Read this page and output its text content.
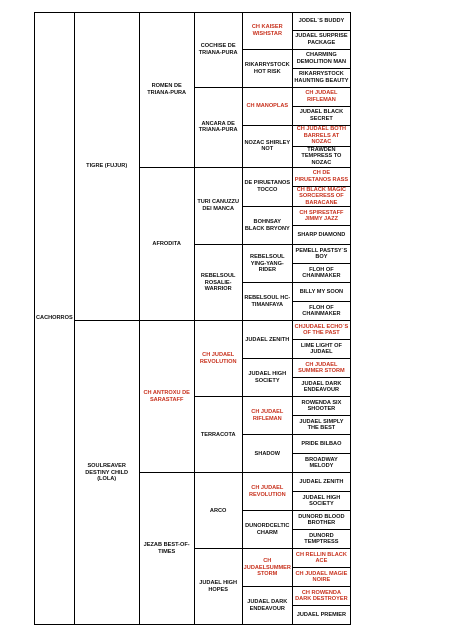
CACHORROS	TIGRE (FUJUR)	ROMEN DE TRIANA-PURA	COCHISE DE TRIANA-PURA	CH KAISER WISHSTAR	JODEL´S BUDDY
					JUDAEL SURPRISE PACKAGE
				RIKARRYSTOCK HOT RISK	CHARMING DEMOLITION MAN
					RIKARRYSTOCK HAUNTING BEAUTY
			ANCARA DE TRIANA-PURA	CH MANOPLAS	CH JUDAEL RIFLEMAN
					JUDAEL BLACK SECRET
				NOZAC SHIRLEY NOT	CH JUDAEL BOTH BARRELS AT NOZAC
					TRAWDEN TEMPRESS TO NOZAC
		AFRODITA	TURI CANUZZU DEI MANCA	DE PIRUETANOS TOCCO	CH DE PIRUETANOS RASS
					CH BLACK MAGIC SORCERESS OF BARACANE
				BOHNSAY BLACK BRYONY	CH SPIRESTAFF JIMMY JAZZ
					SHARP DIAMOND
			REBELSOUL ROSALIE-WARRIOR	REBELSOUL YING-YANG-RIDER	PEMELL PASTSY´S BOY
					FLOH OF CHAINMAKER
				REBELSOUL HC-TIMANFAYA	BILLY MY SOON
					FLOH OF CHAINMAKER
	SOULREAVER DESTINY CHILD (LOLA)	CH ANTROXU DE SARASTAFF	CH JUDAEL REVOLUTION	JUDAEL ZENITH	CHJUDAEL ECHO´S OF THE PAST
					LIME LIGHT OF JUDAEL
				JUDAEL HIGH SOCIETY	CH JUDAEL SUMMER STORM
					JUDAEL DARK ENDEAVOUR
			TERRACOTA	CH JUDAEL RIFLEMAN	ROWENDA SIX SHOOTER
					JUDAEL SIMPLY THE BEST
				SHADOW	PRIDE BILBAO
					BROADWAY MELODY
		JEZAB BEST-OF-TIMES	ARCO	CH JUDAEL REVOLUTION	JUDAEL ZENITH
					JUDAEL HIGH SOCIETY
				DUNORDCELTIC CHARM	DUNORD BLOOD BROTHER
					DUNORD TEMPTRESS
			JUDAEL HIGH HOPES	CH JUDAELSUMMER STORM	CH RELLIN BLACK ACE
					CH JUDAEL MAGIE NOIRE
				JUDAEL DARK ENDEAVOUR	CH ROWENDA DARK DESTROYER
					JUDAEL PREMIER
